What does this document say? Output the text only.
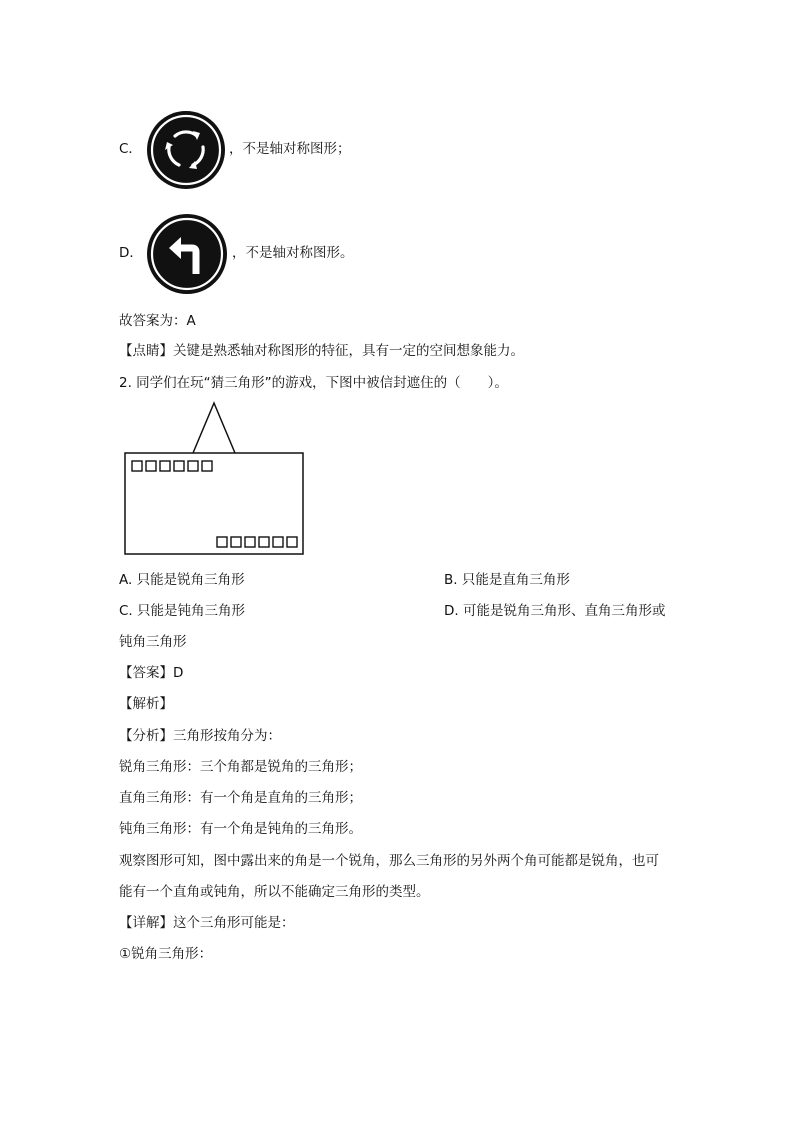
C．	，不是轴对称图形；
D．	，不是轴对称图形。
故答案为：A
【点睛】关键是熟悉轴对称图形的特征，具有一定的空间想象能力。
2. 同学们在玩“猜三角形”的游戏，下图中被信封遮住的（　　）。
A. 只能是锐角三角形	B. 只能是直角三角形
C. 只能是钝角三角形	D. 可能是锐角三角形、直角三角形或
钝角三角形
【答案】D
【解析】
【分析】三角形按角分为：
锐角三角形：三个角都是锐角的三角形；
直角三角形：有一个角是直角的三角形；
钝角三角形：有一个角是钝角的三角形。
观察图形可知，图中露出来的角是一个锐角，那么三角形的另外两个角可能都是锐角，也可
能有一个直角或钝角，所以不能确定三角形的类型。
【详解】这个三角形可能是：
①锐角三角形：
